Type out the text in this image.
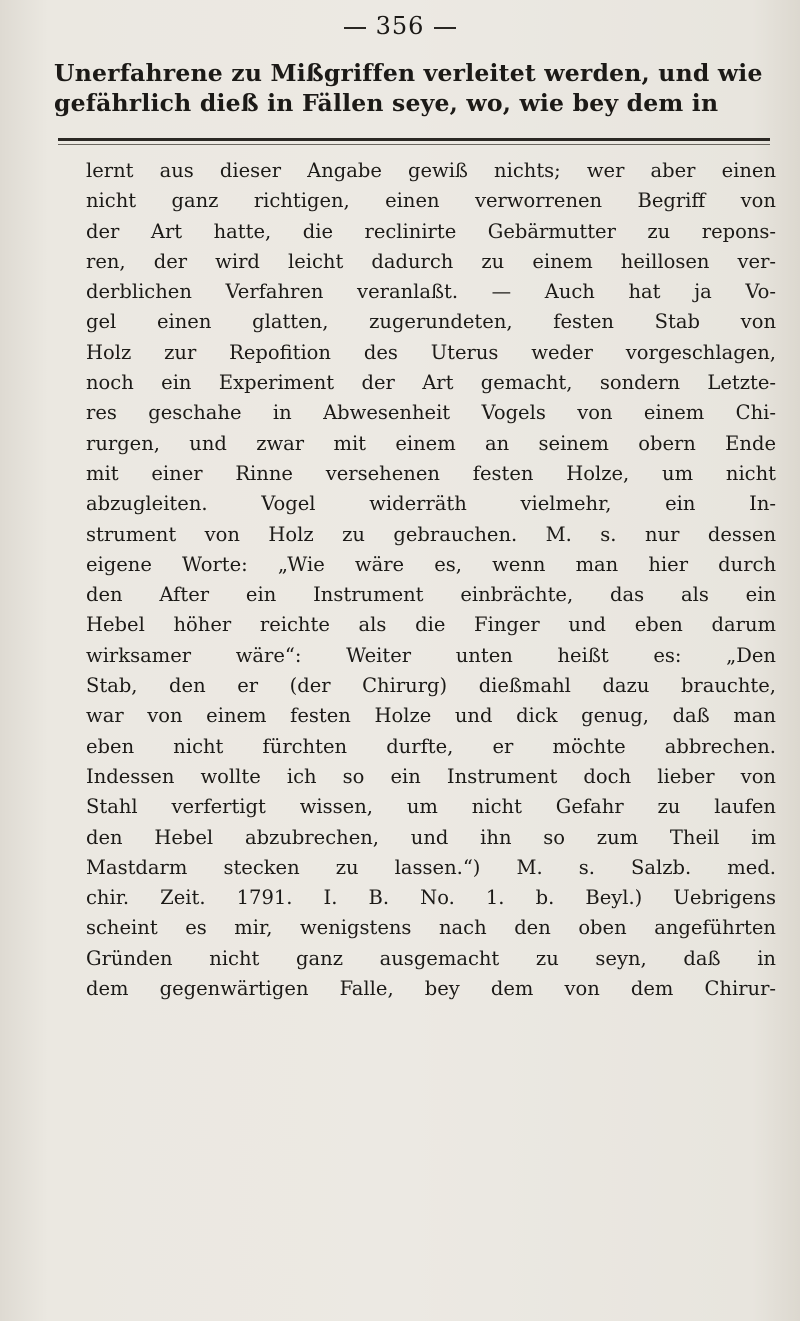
356
Unerfahrene zu Mißgriffen verleitet werden, und wie
gefährlich dieß in Fällen seye, wo, wie bey dem in
lernt aus dieser Angabe gewiß nichts; wer aber einen
nicht ganz richtigen, einen verworrenen Begriff von
der Art hatte, die reclinirte Gebärmutter zu repons-
ren, der wird leicht dadurch zu einem heillosen ver-
derblichen Verfahren veranlaßt. — Auch hat ja Vo-
gel einen glatten, zugerundeten, festen Stab von
Holz zur Repofition des Uterus weder vorgeschlagen,
noch ein Experiment der Art gemacht, sondern Letzte-
res geschahe in Abwesenheit Vogels von einem Chi-
rurgen, und zwar mit einem an seinem obern Ende
mit einer Rinne versehenen festen Holze, um nicht
abzugleiten. Vogel widerräth vielmehr, ein In-
strument von Holz zu gebrauchen. M. s. nur dessen
eigene Worte: „Wie wäre es, wenn man hier durch
den After ein Instrument einbrächte, das als ein
Hebel höher reichte als die Finger und eben darum
wirksamer wäre“: Weiter unten heißt es: „Den
Stab, den er (der Chirurg) dießmahl dazu brauchte,
war von einem festen Holze und dick genug, daß man
eben nicht fürchten durfte, er möchte abbrechen.
Indessen wollte ich so ein Instrument doch lieber von
Stahl verfertigt wissen, um nicht Gefahr zu laufen
den Hebel abzubrechen, und ihn so zum Theil im
Mastdarm stecken zu lassen.“) M. s. Salzb. med.
chir. Zeit. 1791. I. B. No. 1. b. Beyl.) Uebrigens
scheint es mir, wenigstens nach den oben angeführten
Gründen nicht ganz ausgemacht zu seyn, daß in
dem gegenwärtigen Falle, bey dem von dem Chirur-
